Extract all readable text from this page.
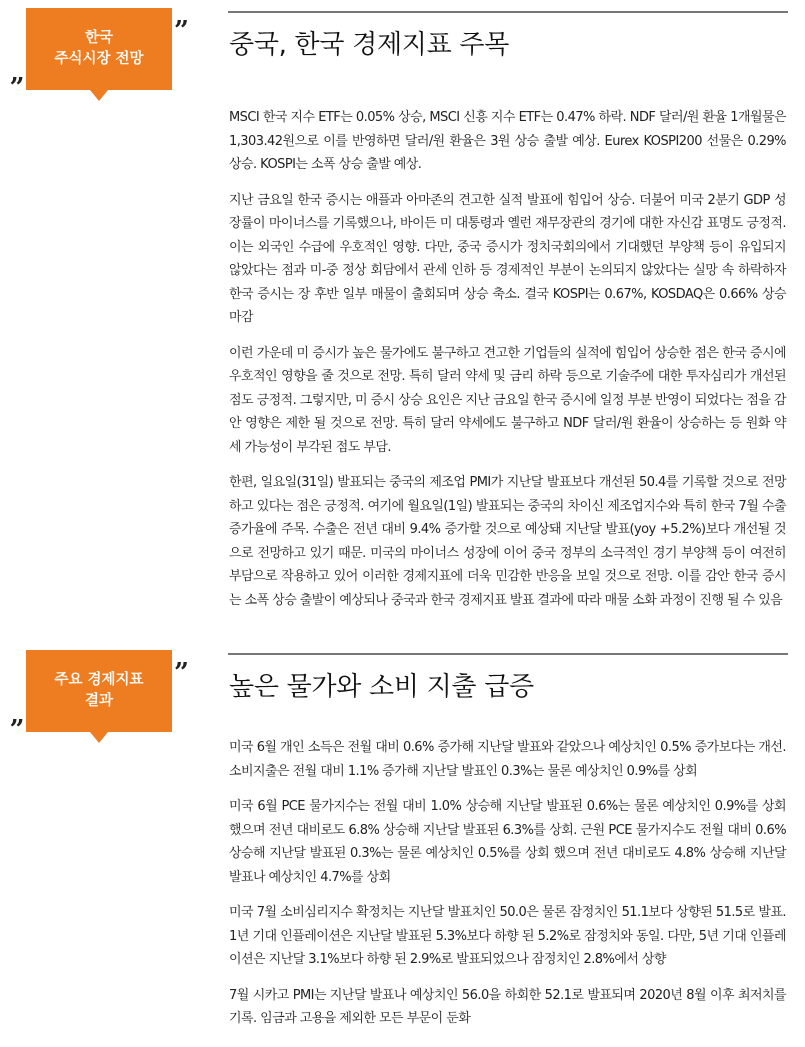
한국
주식시장 전망
„
” 중국, 한국 경제지표 주목

MSCI 한국 지수 ETF는 0.05% 상승, MSCI 신흥 지수 ETF는 0.47% 하락. NDF 달러/원 환율 1개월물은 1,303.42원으로 이를 반영하면 달러/원 환율은 3원 상승 출발 예상. Eurex KOSPI200 선물은 0.29% 상승. KOSPI는 소폭 상승 출발 예상.

지난 금요일 한국 증시는 애플과 아마존의 견고한 실적 발표에 힘입어 상승. 더불어 미국 2분기 GDP 성장률이 마이너스를 기록했으나, 바이든 미 대통령과 옐런 재무장관의 경기에 대한 자신감 표명도 긍정적. 이는 외국인 수급에 우호적인 영향. 다만, 중국 증시가 정치국회의에서 기대했던 부양책 등이 유입되지 않았다는 점과 미-중 정상 회담에서 관세 인하 등 경제적인 부분이 논의되지 않았다는 실망 속 하락하자 한국 증시는 장 후반 일부 매물이 출회되며 상승 축소. 결국 KOSPI는 0.67%, KOSDAQ은 0.66% 상승 마감

이런 가운데 미 증시가 높은 물가에도 불구하고 견고한 기업들의 실적에 힘입어 상승한 점은 한국 증시에 우호적인 영향을 줄 것으로 전망. 특히 달러 약세 및 금리 하락 등으로 기술주에 대한 투자심리가 개선된 점도 긍정적. 그렇지만, 미 증시 상승 요인은 지난 금요일 한국 증시에 일정 부분 반영이 되었다는 점을 감안 영향은 제한 될 것으로 전망. 특히 달러 약세에도 불구하고 NDF 달러/원 환율이 상승하는 등 원화 약세 가능성이 부각된 점도 부담.

한편, 일요일(31일) 발표되는 중국의 제조업 PMI가 지난달 발표보다 개선된 50.4를 기록할 것으로 전망하고 있다는 점은 긍정적. 여기에 월요일(1일) 발표되는 중국의 차이신 제조업지수와 특히 한국 7월 수출 증가율에 주목. 수출은 전년 대비 9.4% 증가할 것으로 예상돼 지난달 발표(yoy +5.2%)보다 개선될 것으로 전망하고 있기 때문. 미국의 마이너스 성장에 이어 중국 정부의 소극적인 경기 부양책 등이 여전히 부담으로 작용하고 있어 이러한 경제지표에 더욱 민감한 반응을 보일 것으로 전망. 이를 감안 한국 증시는 소폭 상승 출발이 예상되나 중국과 한국 경제지표 발표 결과에 따라 매물 소화 과정이 진행 될 수 있음

주요 경제지표
결과
„
” 높은 물가와 소비 지출 급증

미국 6월 개인 소득은 전월 대비 0.6% 증가해 지난달 발표와 같았으나 예상치인 0.5% 증가보다는 개선. 소비지출은 전월 대비 1.1% 증가해 지난달 발표인 0.3%는 물론 예상치인 0.9%를 상회

미국 6월 PCE 물가지수는 전월 대비 1.0% 상승해 지난달 발표된 0.6%는 물론 예상치인 0.9%를 상회 했으며 전년 대비로도 6.8% 상승해 지난달 발표된 6.3%를 상회. 근원 PCE 물가지수도 전월 대비 0.6% 상승해 지난달 발표된 0.3%는 물론 예상치인 0.5%를 상회 했으며 전년 대비로도 4.8% 상승해 지난달 발표나 예상치인 4.7%를 상회

미국 7월 소비심리지수 확정치는 지난달 발표치인 50.0은 물론 잠정치인 51.1보다 상향된 51.5로 발표. 1년 기대 인플레이션은 지난달 발표된 5.3%보다 하향 된 5.2%로 잠정치와 동일. 다만, 5년 기대 인플레이션은 지난달 3.1%보다 하향 된 2.9%로 발표되었으나 잠정치인 2.8%에서 상향

7월 시카고 PMI는 지난달 발표나 예상치인 56.0을 하회한 52.1로 발표되며 2020년 8월 이후 최저치를 기록. 임금과 고용을 제외한 모든 부문이 둔화
